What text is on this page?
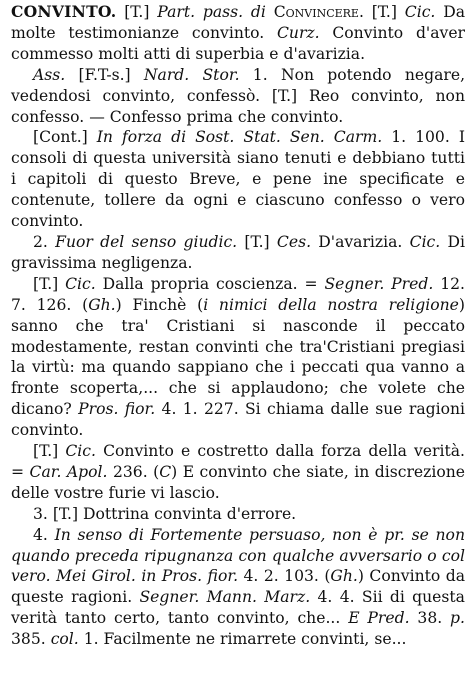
CONVINTO. [T.] Part. pass. di Convincere. [T.] Cic. Da molte testimonianze convinto. Curz. Convinto d'aver commesso molti atti di superbia e d'avarizia.

Ass. [F.T-s.] Nard. Stor. 1. Non potendo negare, vedendosi convinto, confessò. [T.] Reo convinto, non confesso. — Confesso prima che convinto.

[Cont.] In forza di Sost. Stat. Sen. Carm. 1. 100. I consoli di questa università siano tenuti e debbiano tutti i capitoli di questo Breve, e pene ine specificate e contenute, tollere da ogni e ciascuno confesso o vero convinto.

2. Fuor del senso giudic. [T.] Ces. D'avarizia. Cic. Di gravissima negligenza.

[T.] Cic. Dalla propria coscienza. = Segner. Pred. 12. 7. 126. (Gh.) Finchè (i nimici della nostra religione) sanno che tra' Cristiani si nasconde il peccato modestamente, restan convinti che tra'Cristiani pregiasi la virtù: ma quando sappiano che i peccati qua vanno a fronte scoperta,... che si applaudono; che volete che dicano? Pros. fior. 4. 1. 227. Si chiama dalle sue ragioni convinto.

[T.] Cic. Convinto e costretto dalla forza della verità. = Car. Apol. 236. (C) E convinto che siate, in discrezione delle vostre furie vi lascio.

3. [T.] Dottrina convinta d'errore.

4. In senso di Fortemente persuaso, non è pr. se non quando preceda ripugnanza con qualche avversario o col vero. Mei Girol. in Pros. fior. 4. 2. 103. (Gh.) Convinto da queste ragioni. Segner. Mann. Marz. 4. 4. Sii di questa verità tanto certo, tanto convinto, che... E Pred. 38. p. 385. col. 1. Facilmente ne rimarrete convinti, se...
